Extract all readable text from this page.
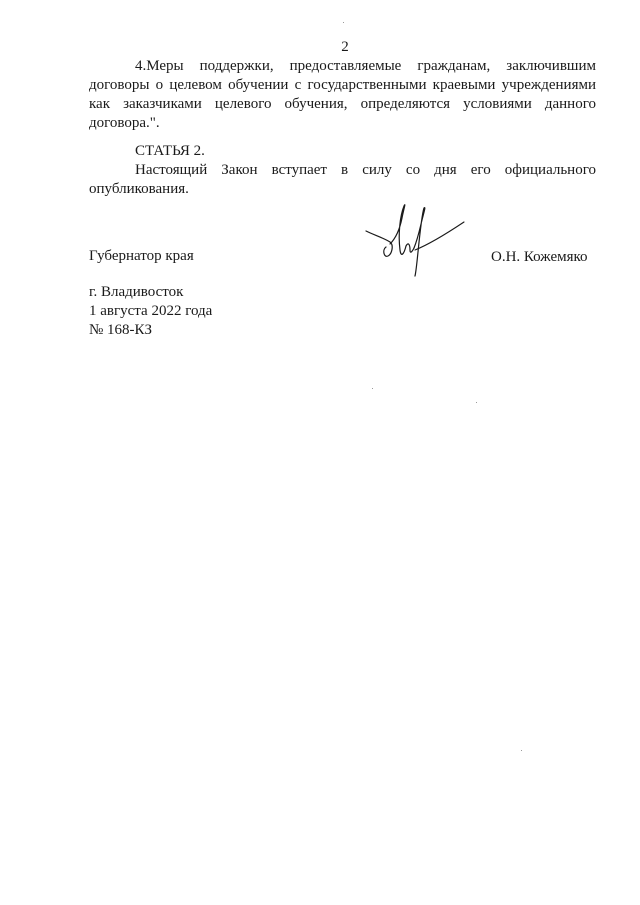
2

4.Меры поддержки, предоставляемые гражданам, заключившим договоры о целевом обучении с государственными краевыми учреждениями как заказчиками целевого обучения, определяются условиями данного договора.".

СТАТЬЯ 2.

Настоящий Закон вступает в силу со дня его официального опубликования.

Губернатор края	О.Н. Кожемяко
г. Владивосток
1 августа 2022 года
№ 168-КЗ
